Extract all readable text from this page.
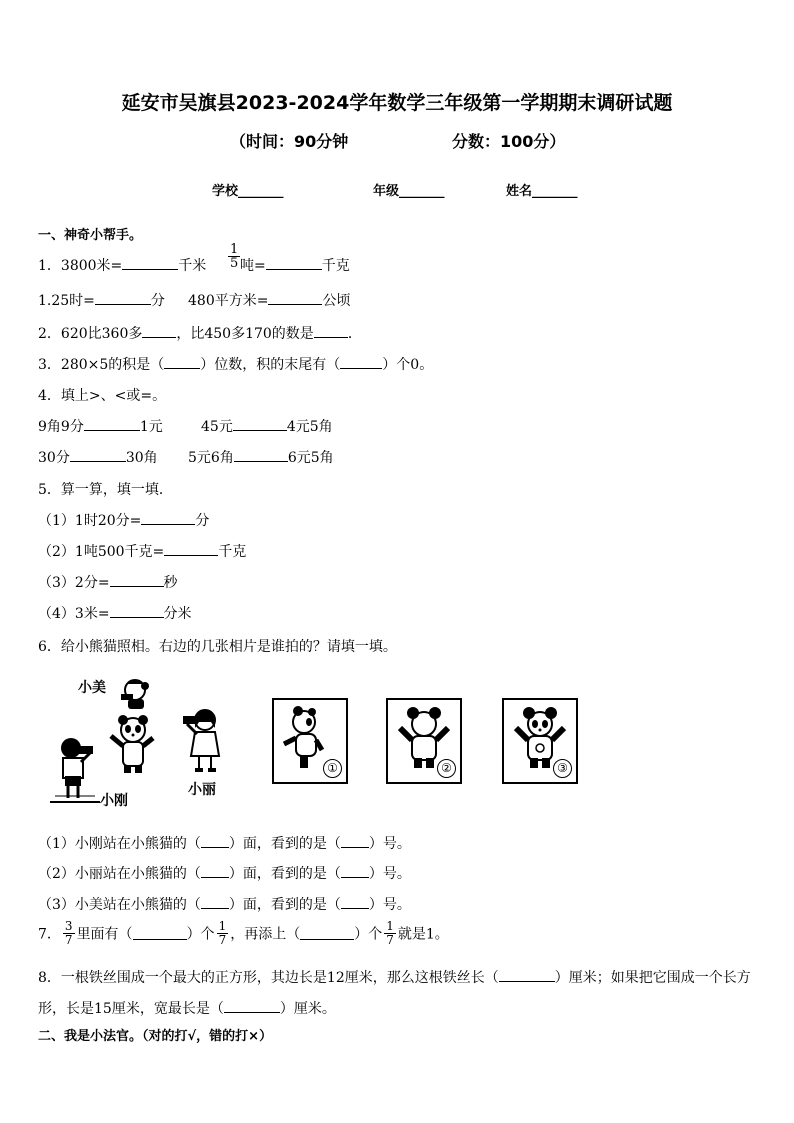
延安市吴旗县2023-2024学年数学三年级第一学期期末调研试题
（时间：90分钟	分数：100分）
学校_______	年级_______	姓名_______
一、神奇小帮手。
1．3800米=	千米 $\frac{1}{5}$ 吨=	千克
1.25时=	分 480平方米=	公顷
2．620比360多 ，比450多170的数是 ．
3．280×5的积是（	）位数，积的末尾有（	）个0。
4．填上>、<或=。
9角9分	1元	45元	4元5角
30分	30角 5元6角	6元5角
5．算一算，填一填．
（1）1时20分=	分
（2）1吨500千克=	千克
（3）2分=	秒
（4）3米=	分米
6．给小熊猫照相。右边的几张相片是谁拍的？请填一填。
小美
小刚
小丽
①	②	③
（1）小刚站在小熊猫的（ ）面，看到的是（ ）号。
（2）小丽站在小熊猫的（ ）面，看到的是（ ）号。
（3）小美站在小熊猫的（ ）面，看到的是（ ）号。
7． $\frac{3}{7}$ 里面有（	）个 $\frac{1}{7}$ ，再添上（	）个 $\frac{1}{7}$ 就是1。
8．一根铁丝围成一个最大的正方形，其边长是12厘米，那么这根铁丝长（	）厘米；如果把它围成一个长方
形，长是15厘米，宽最长是（	）厘米。
二、我是小法官。（对的打√，错的打×）
